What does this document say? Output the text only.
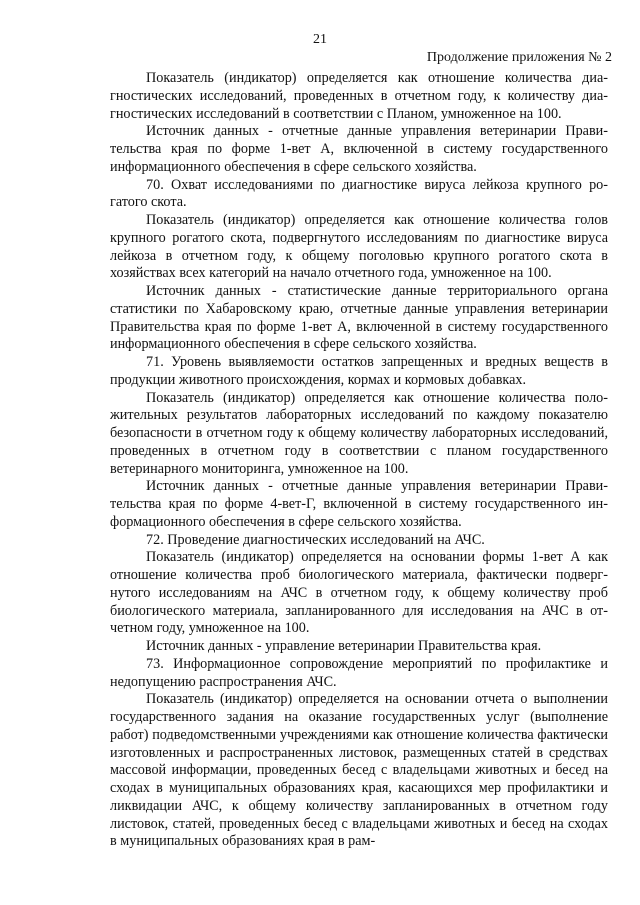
21
Продолжение приложения № 2

Показатель (индикатор) определяется как отношение количества диагностических исследований, проведенных в отчетном году, к количеству диагностических исследований в соответствии с Планом, умноженное на 100.

Источник данных - отчетные данные управления ветеринарии Правительства края по форме 1-вет А, включенной в систему государственного информационного обеспечения в сфере сельского хозяйства.

70. Охват исследованиями по диагностике вируса лейкоза крупного рогатого скота.

Показатель (индикатор) определяется как отношение количества голов крупного рогатого скота, подвергнутого исследованиям по диагностике вируса лейкоза в отчетном году, к общему поголовью крупного рогатого скота в хозяйствах всех категорий на начало отчетного года, умноженное на 100.

Источник данных - статистические данные территориального органа статистики по Хабаровскому краю, отчетные данные управления ветеринарии Правительства края по форме 1-вет А, включенной в систему государственного информационного обеспечения в сфере сельского хозяйства.

71. Уровень выявляемости остатков запрещенных и вредных веществ в продукции животного происхождения, кормах и кормовых добавках.

Показатель (индикатор) определяется как отношение количества положительных результатов лабораторных исследований по каждому показателю безопасности в отчетном году к общему количеству лабораторных исследований, проведенных в отчетном году в соответствии с планом государственного ветеринарного мониторинга, умноженное на 100.

Источник данных - отчетные данные управления ветеринарии Правительства края по форме 4-вет-Г, включенной в систему государственного информационного обеспечения в сфере сельского хозяйства.

72. Проведение диагностических исследований на АЧС.

Показатель (индикатор) определяется на основании формы 1-вет А как отношение количества проб биологического материала, фактически подвергнутого исследованиям на АЧС в отчетном году, к общему количеству проб биологического материала, запланированного для исследования на АЧС в отчетном году, умноженное на 100.

Источник данных - управление ветеринарии Правительства края.

73. Информационное сопровождение мероприятий по профилактике и недопущению распространения АЧС.

Показатель (индикатор) определяется на основании отчета о выполнении государственного задания на оказание государственных услуг (выполнение работ) подведомственными учреждениями как отношение количества фактически изготовленных и распространенных листовок, размещенных статей в средствах массовой информации, проведенных бесед с владельцами животных и бесед на сходах в муниципальных образованиях края, касающихся мер профилактики и ликвидации АЧС, к общему количеству запланированных в отчетном году листовок, статей, проведенных бесед с владельцами животных и бесед на сходах в муниципальных образованиях края в рам-
